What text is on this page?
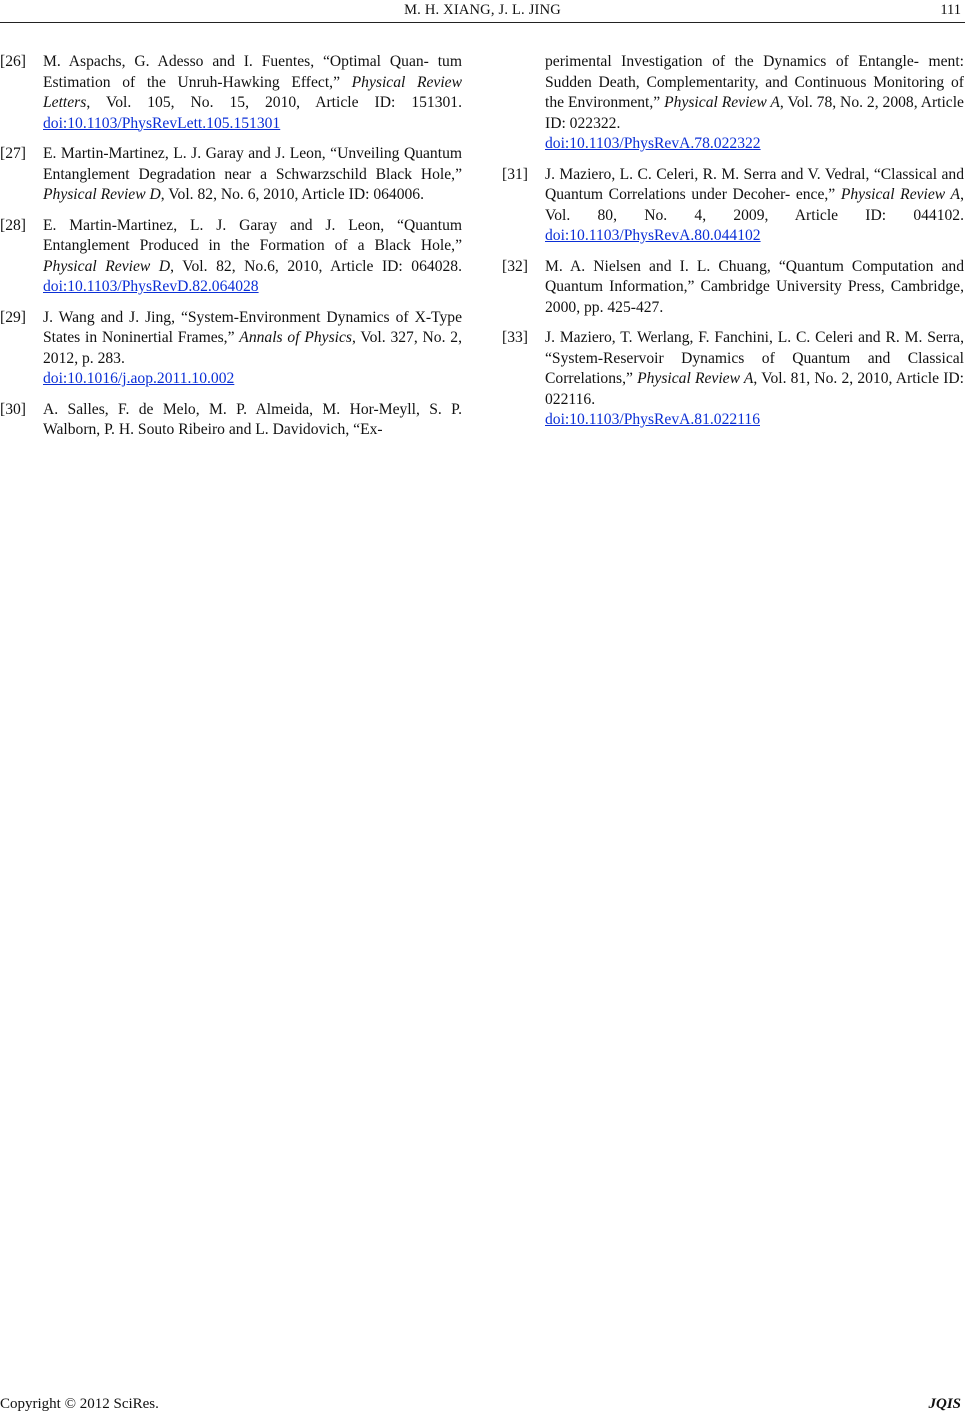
M. H. XIANG, J. L. JING	111
[26] M. Aspachs, G. Adesso and I. Fuentes, “Optimal Quan- tum Estimation of the Unruh-Hawking Effect,” Physical Review Letters, Vol. 105, No. 15, 2010, Article ID: 151301. doi:10.1103/PhysRevLett.105.151301
[27] E. Martin-Martinez, L. J. Garay and J. Leon, “Unveiling Quantum Entanglement Degradation near a Schwarzschild Black Hole,” Physical Review D, Vol. 82, No. 6, 2010, Article ID: 064006.
[28] E. Martin-Martinez, L. J. Garay and J. Leon, “Quantum Entanglement Produced in the Formation of a Black Hole,” Physical Review D, Vol. 82, No.6, 2010, Article ID: 064028. doi:10.1103/PhysRevD.82.064028
[29] J. Wang and J. Jing, “System-Environment Dynamics of X-Type States in Noninertial Frames,” Annals of Physics, Vol. 327, No. 2, 2012, p. 283.
doi:10.1016/j.aop.2011.10.002
[30] A. Salles, F. de Melo, M. P. Almeida, M. Hor-Meyll, S. P. Walborn, P. H. Souto Ribeiro and L. Davidovich, “Ex-
perimental Investigation of the Dynamics of Entangle- ment: Sudden Death, Complementarity, and Continuous Monitoring of the Environment,” Physical Review A, Vol. 78, No. 2, 2008, Article ID: 022322.
doi:10.1103/PhysRevA.78.022322
[31] J. Maziero, L. C. Celeri, R. M. Serra and V. Vedral, “Classical and Quantum Correlations under Decoher- ence,” Physical Review A, Vol. 80, No. 4, 2009, Article ID: 044102. doi:10.1103/PhysRevA.80.044102
[32] M. A. Nielsen and I. L. Chuang, “Quantum Computation and Quantum Information,” Cambridge University Press, Cambridge, 2000, pp. 425-427.
[33] J. Maziero, T. Werlang, F. Fanchini, L. C. Celeri and R. M. Serra, “System-Reservoir Dynamics of Quantum and Classical Correlations,” Physical Review A, Vol. 81, No. 2, 2010, Article ID: 022116.
doi:10.1103/PhysRevA.81.022116
Copyright © 2012 SciRes.	JQIS
